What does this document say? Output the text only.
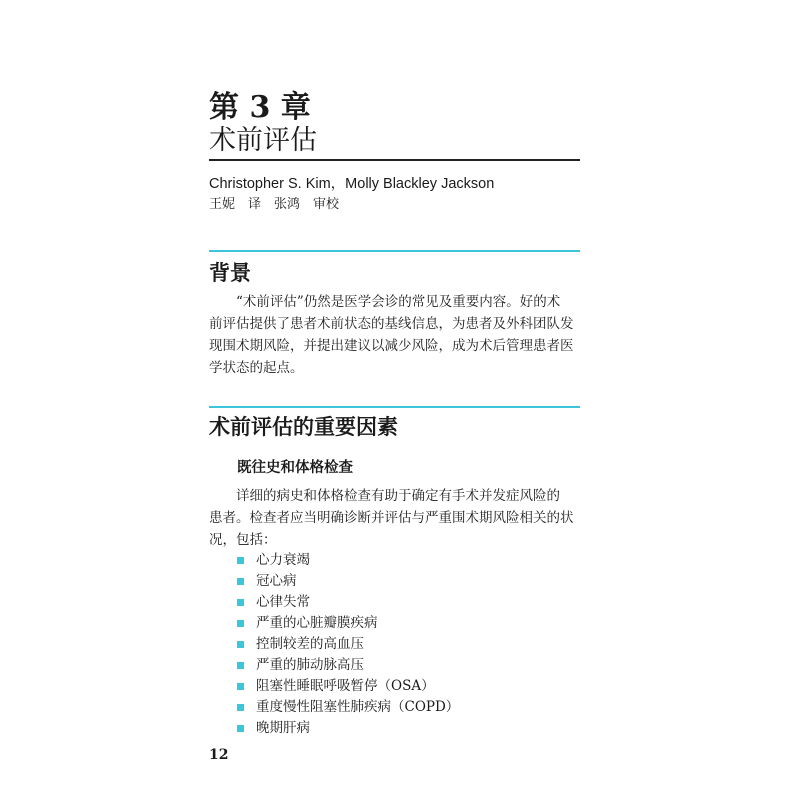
第 3 章
术前评估
Christopher S. Kim，Molly Blackley Jackson
王妮　译　张鸿　审校
背景
“术前评估”仍然是医学会诊的常见及重要内容。好的术
前评估提供了患者术前状态的基线信息，为患者及外科团队发
现围术期风险，并提出建议以减少风险，成为术后管理患者医
学状态的起点。
术前评估的重要因素
既往史和体格检查
详细的病史和体格检查有助于确定有手术并发症风险的
患者。检查者应当明确诊断并评估与严重围术期风险相关的状
况，包括：
心力衰竭
冠心病
心律失常
严重的心脏瓣膜疾病
控制较差的高血压
严重的肺动脉高压
阻塞性睡眠呼吸暂停（OSA）
重度慢性阻塞性肺疾病（COPD）
晚期肝病
12
